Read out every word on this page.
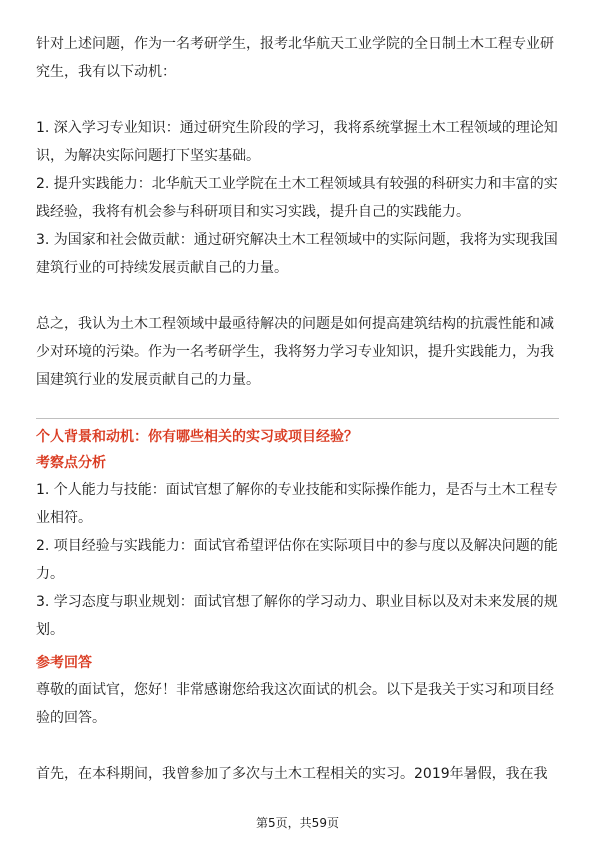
针对上述问题，作为一名考研学生，报考北华航天工业学院的全日制土木工程专业研究生，我有以下动机：

1. 深入学习专业知识：通过研究生阶段的学习，我将系统掌握土木工程领域的理论知识，为解决实际问题打下坚实基础。

2. 提升实践能力：北华航天工业学院在土木工程领域具有较强的科研实力和丰富的实践经验，我将有机会参与科研项目和实习实践，提升自己的实践能力。

3. 为国家和社会做贡献：通过研究解决土木工程领域中的实际问题，我将为实现我国建筑行业的可持续发展贡献自己的力量。

总之，我认为土木工程领域中最亟待解决的问题是如何提高建筑结构的抗震性能和减少对环境的污染。作为一名考研学生，我将努力学习专业知识，提升实践能力，为我国建筑行业的发展贡献自己的力量。

个人背景和动机：你有哪些相关的实习或项目经验？

考察点分析

1. 个人能力与技能：面试官想了解你的专业技能和实际操作能力，是否与土木工程专业相符。

2. 项目经验与实践能力：面试官希望评估你在实际项目中的参与度以及解决问题的能力。

3. 学习态度与职业规划：面试官想了解你的学习动力、职业目标以及对未来发展的规划。

参考回答

尊敬的面试官，您好！非常感谢您给我这次面试的机会。以下是我关于实习和项目经验的回答。

首先，在本科期间，我曾参加了多次与土木工程相关的实习。2019年暑假，我在我

第5页，共59页
